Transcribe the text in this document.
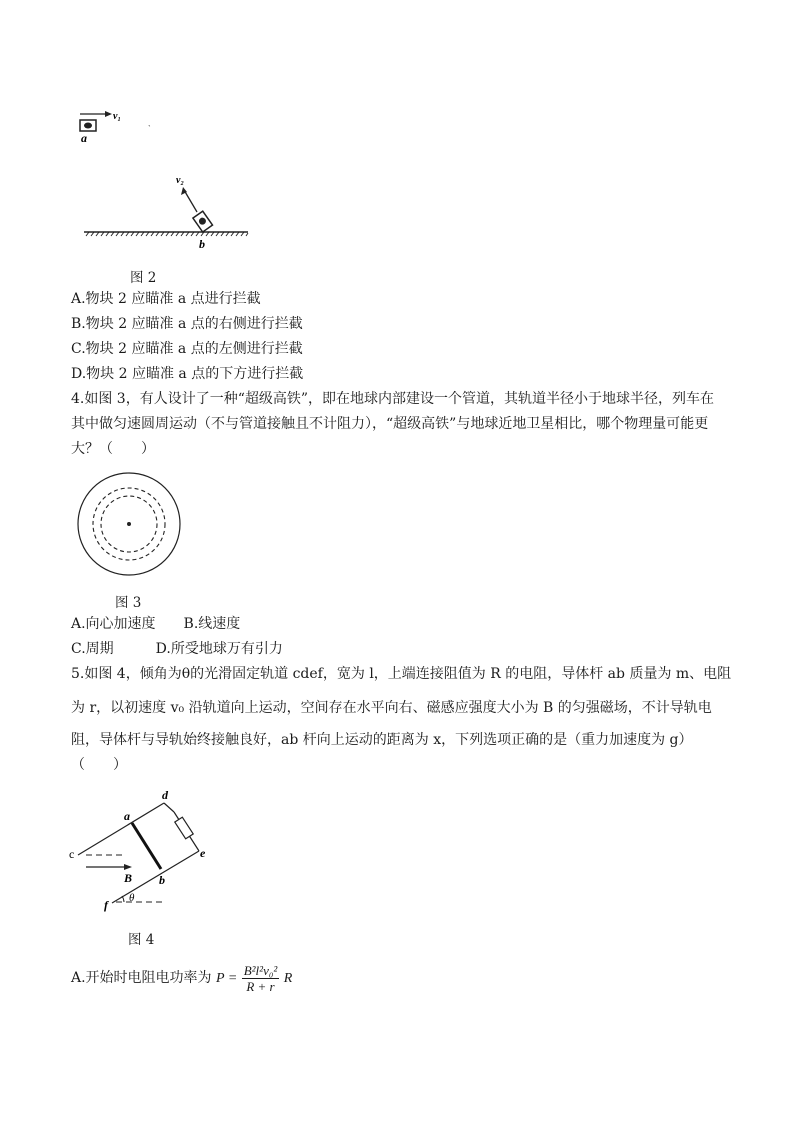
v₁
a
`
v₂
b
图 2
A.物块 2 应瞄准 a 点进行拦截
B.物块 2 应瞄准 a 点的右侧进行拦截
C.物块 2 应瞄准 a 点的左侧进行拦截
D.物块 2 应瞄准 a 点的下方进行拦截
4.如图 3，有人设计了一种“超级高铁”，即在地球内部建设一个管道，其轨道半径小于地球半径，列车在
其中做匀速圆周运动（不与管道接触且不计阻力），“超级高铁”与地球近地卫星相比，哪个物理量可能更
大？（　　）
图 3
A.向心加速度　　B.线速度
C.周期　　　D.所受地球万有引力
5.如图 4，倾角为θ的光滑固定轨道 cdef，宽为 l，上端连接阻值为 R 的电阻，导体杆 ab 质量为 m、电阻
为 r，以初速度 v₀ 沿轨道向上运动，空间存在水平向右、磁感应强度大小为 B 的匀强磁场，不计导轨电
阻，导体杆与导轨始终接触良好，ab 杆向上运动的距离为 x，下列选项正确的是（重力加速度为 g）
（　　）
a
b
c
d
e
f
B
θ
图 4
A.开始时电阻电功率为 $P = \frac{\text{B²l²v₀²}}{R + r}$ R
